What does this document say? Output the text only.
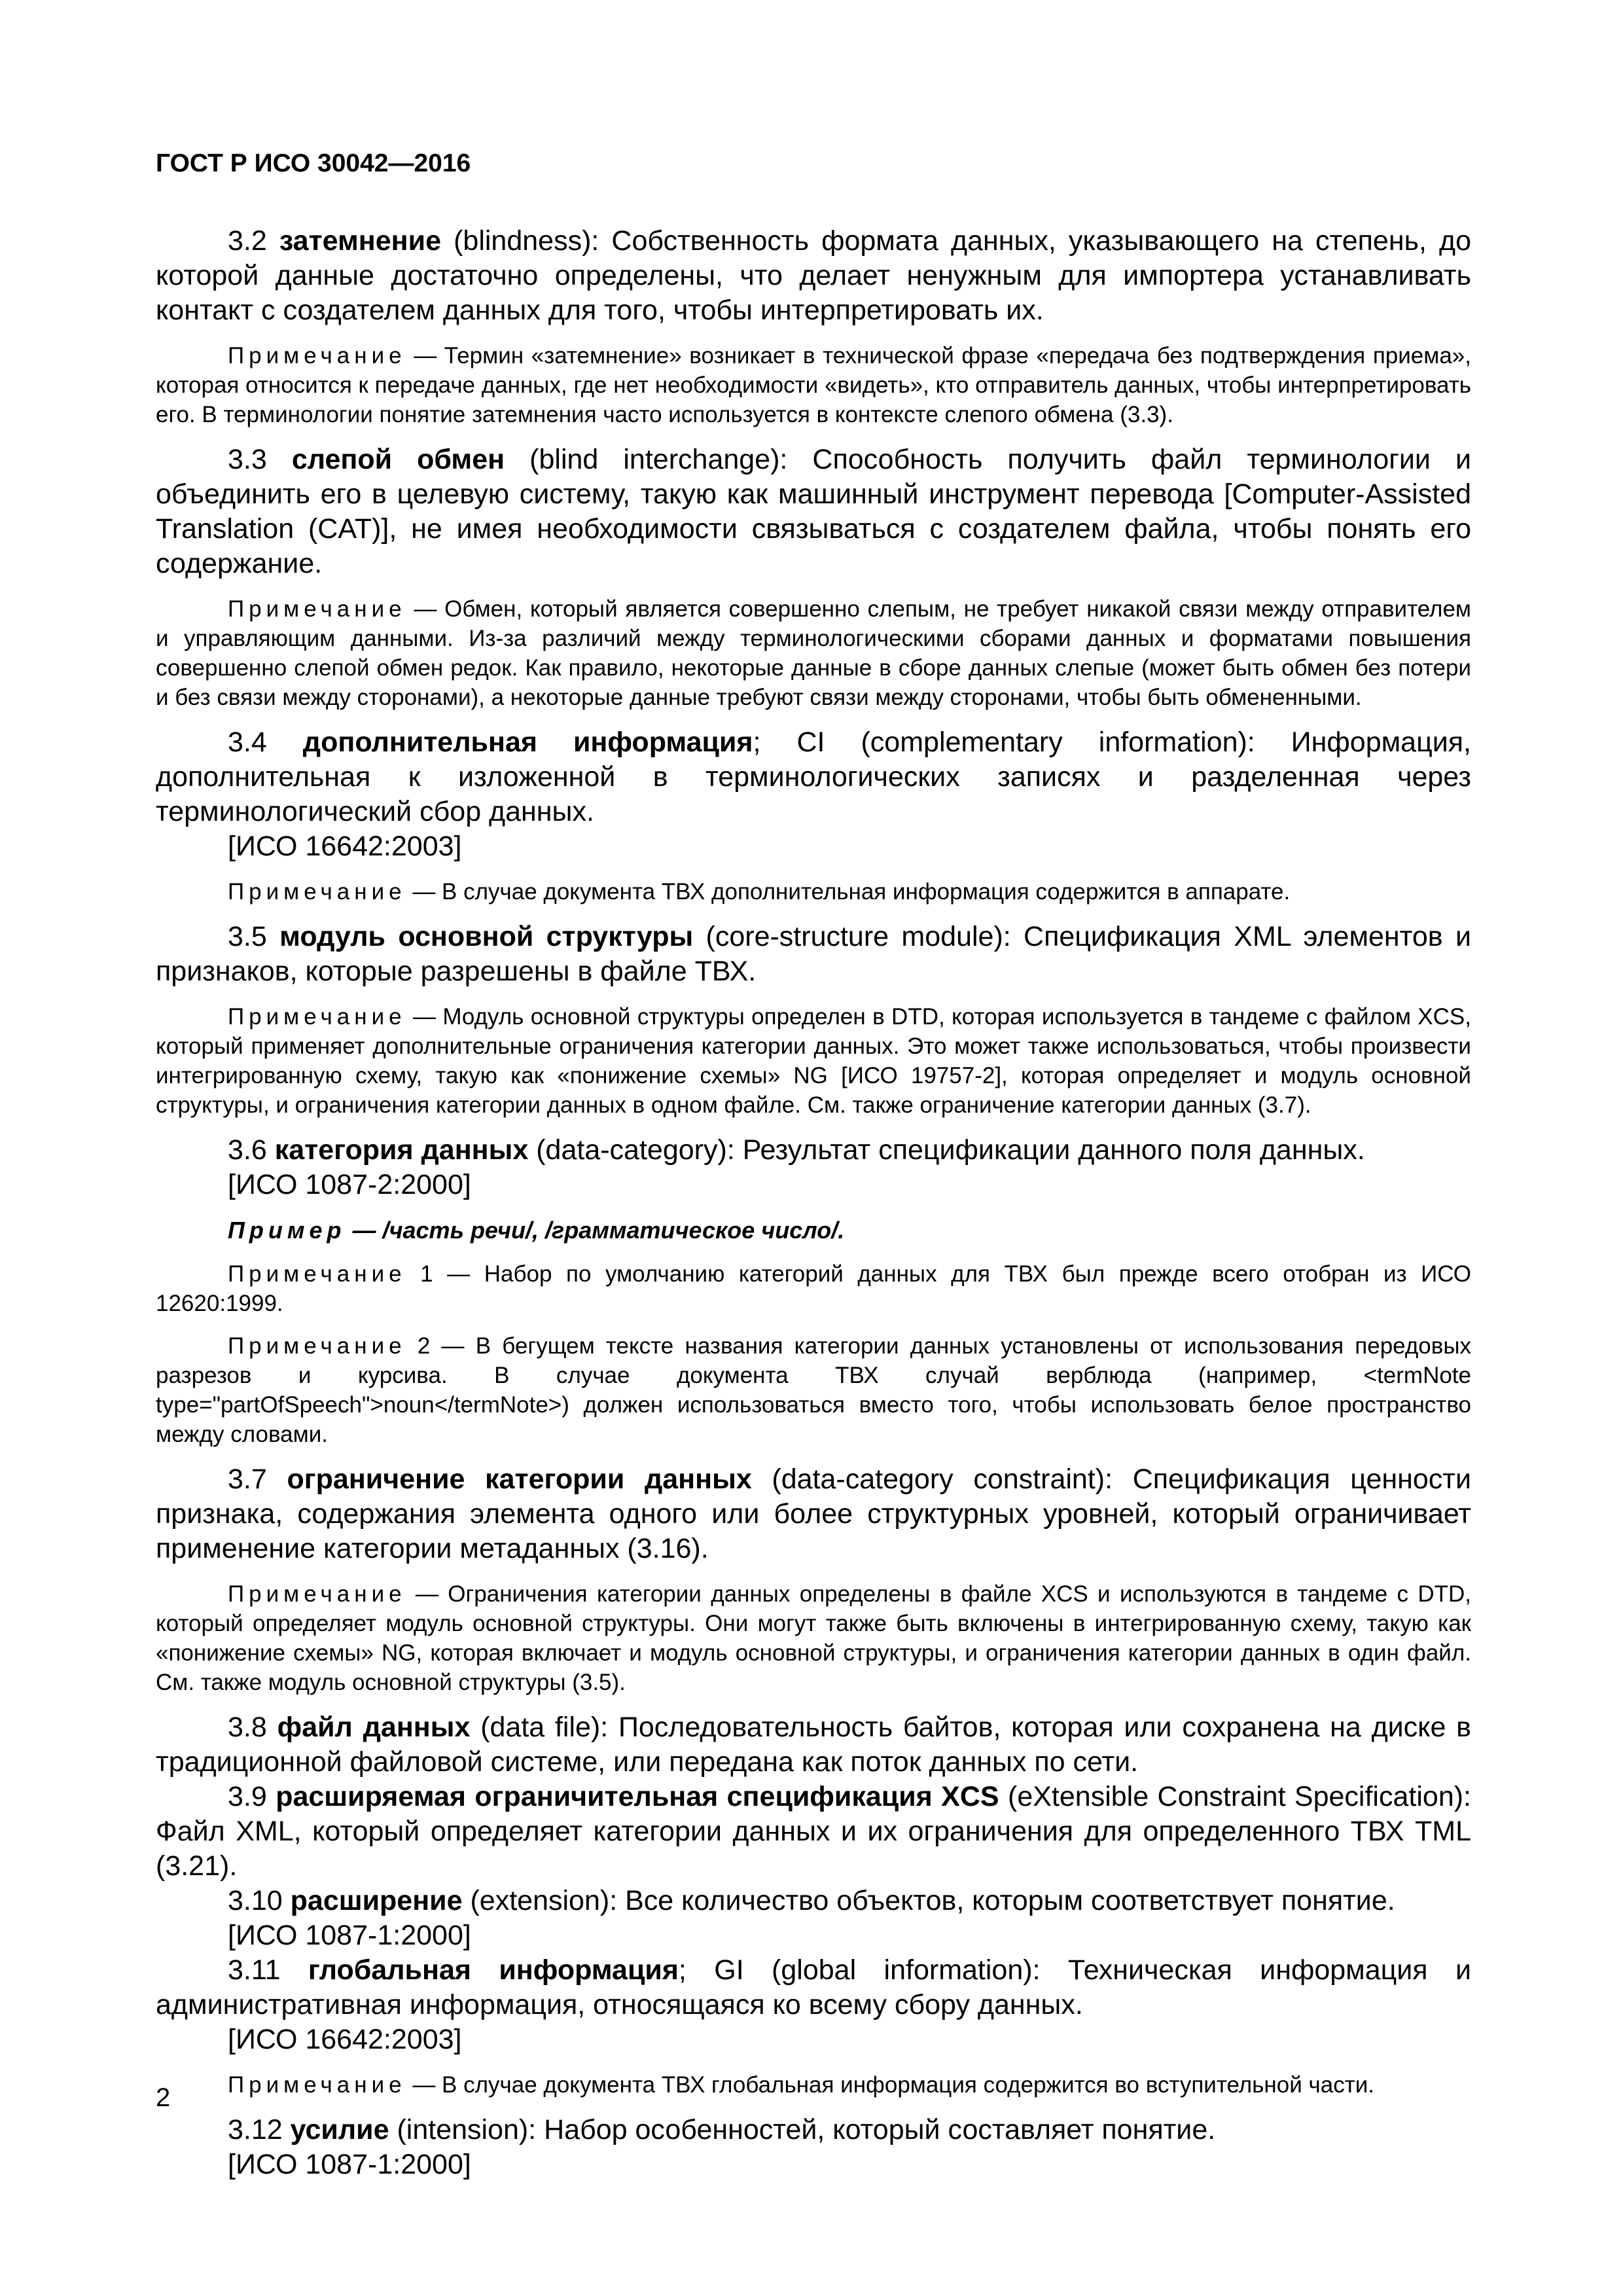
ГОСТ Р ИСО 30042—2016

3.2 затемнение (blindness): Собственность формата данных, указывающего на степень, до которой данные достаточно определены, что делает ненужным для импортера устанавливать контакт с создателем данных для того, чтобы интерпретировать их.

Примечание — Термин «затемнение» возникает в технической фразе «передача без подтверждения приема», которая относится к передаче данных, где нет необходимости «видеть», кто отправитель данных, чтобы интерпретировать его. В терминологии понятие затемнения часто используется в контексте слепого обмена (3.3).

3.3 слепой обмен (blind interchange): Способность получить файл терминологии и объединить его в целевую систему, такую как машинный инструмент перевода [Computer-Assisted Translation (CAT)], не имея необходимости связываться с создателем файла, чтобы понять его содержание.

Примечание — Обмен, который является совершенно слепым, не требует никакой связи между отправителем и управляющим данными. Из-за различий между терминологическими сборами данных и форматами повышения совершенно слепой обмен редок. Как правило, некоторые данные в сборе данных слепые (может быть обмен без потери и без связи между сторонами), а некоторые данные требуют связи между сторонами, чтобы быть обмененными.

3.4 дополнительная информация; CI (complementary information): Информация, дополнительная к изложенной в терминологических записях и разделенная через терминологический сбор данных.

[ИСО 16642:2003]

Примечание — В случае документа ТВХ дополнительная информация содержится в аппарате.

3.5 модуль основной структуры (core-structure module): Спецификация XML элементов и признаков, которые разрешены в файле ТВХ.

Примечание — Модуль основной структуры определен в DTD, которая используется в тандеме с файлом XCS, который применяет дополнительные ограничения категории данных. Это может также использоваться, чтобы произвести интегрированную схему, такую как «понижение схемы» NG [ИСО 19757-2], которая определяет и модуль основной структуры, и ограничения категории данных в одном файле. См. также ограничение категории данных (3.7).

3.6 категория данных (data-category): Результат спецификации данного поля данных.

[ИСО 1087-2:2000]

Пример — /часть речи/, /грамматическое число/.

Примечание 1 — Набор по умолчанию категорий данных для ТВХ был прежде всего отобран из ИСО 12620:1999.

Примечание 2 — В бегущем тексте названия категории данных установлены от использования передовых разрезов и курсива. В случае документа ТВХ случай верблюда (например, <termNote type="partOfSpeech">noun</termNote>) должен использоваться вместо того, чтобы использовать белое пространство между словами.

3.7 ограничение категории данных (data-category constraint): Спецификация ценности признака, содержания элемента одного или более структурных уровней, который ограничивает применение категории метаданных (3.16).

Примечание — Ограничения категории данных определены в файле XCS и используются в тандеме с DTD, который определяет модуль основной структуры. Они могут также быть включены в интегрированную схему, такую как «понижение схемы» NG, которая включает и модуль основной структуры, и ограничения категории данных в один файл. См. также модуль основной структуры (3.5).

3.8 файл данных (data file): Последовательность байтов, которая или сохранена на диске в традиционной файловой системе, или передана как поток данных по сети.

3.9 расширяемая ограничительная спецификация XCS (eXtensible Constraint Specification): Файл XML, который определяет категории данных и их ограничения для определенного ТВХ TML (3.21).

3.10 расширение (extension): Все количество объектов, которым соответствует понятие.

[ИСО 1087-1:2000]

3.11 глобальная информация; GI (global information): Техническая информация и административная информация, относящаяся ко всему сбору данных.

[ИСО 16642:2003]

Примечание — В случае документа ТВХ глобальная информация содержится во вступительной части.

3.12 усилие (intension): Набор особенностей, который составляет понятие.

[ИСО 1087-1:2000]
2
